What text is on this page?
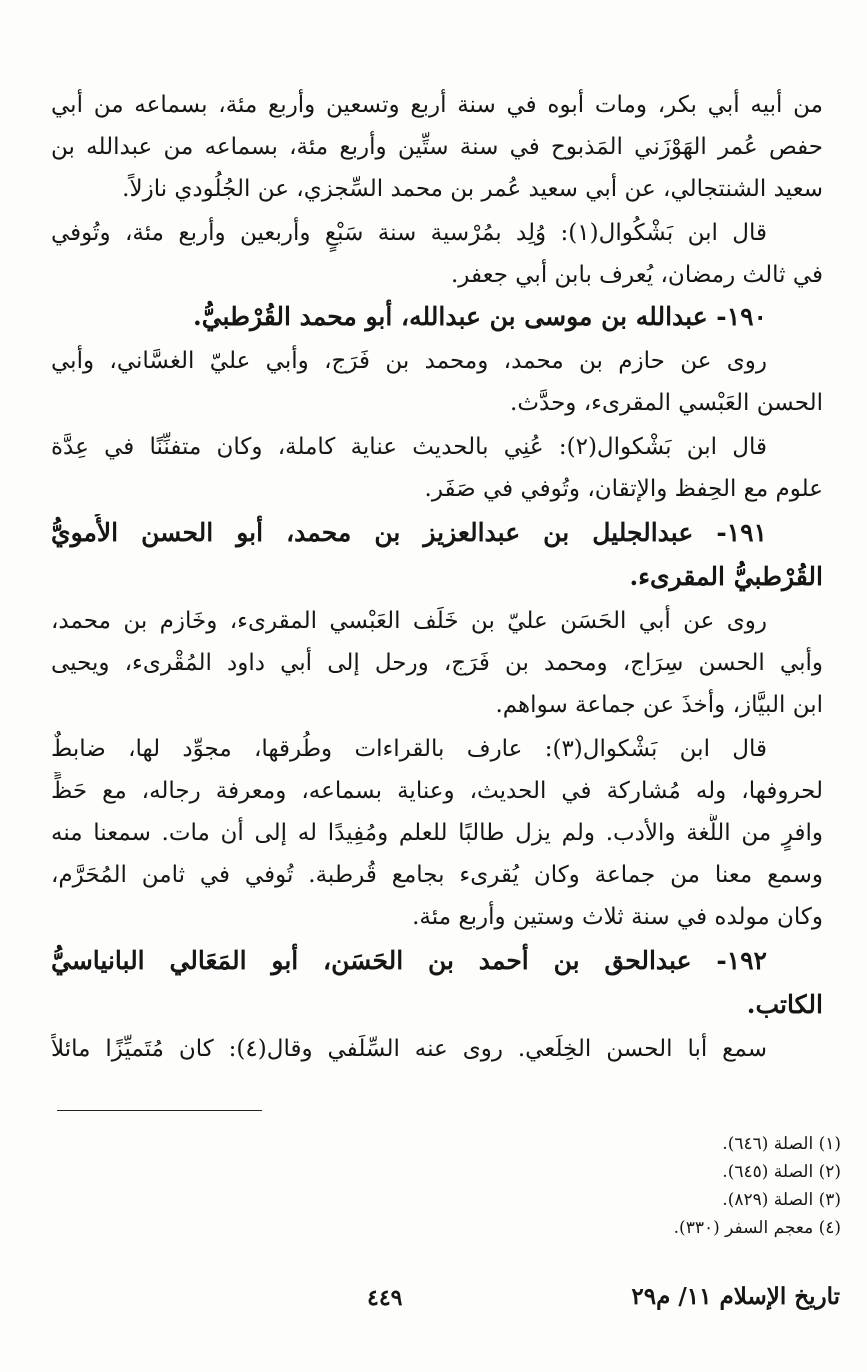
من أبيه أبي بكر، ومات أبوه في سنة أربع وتسعين وأربع مئة، بسماعه من أبي
حفص عُمر الهَوْزَني المَذبوح في سنة ستِّين وأربع مئة، بسماعه من عبدالله بن
سعيد الشنتجالي، عن أبي سعيد عُمر بن محمد السِّجزي، عن الجُلُودي نازلاً.
قال ابن بَشْكُوال(١): وُلِد بمُرْسية سنة سَبْعٍ وأربعين وأربع مئة، وتُوفي
في ثالث رمضان، يُعرف بابن أبي جعفر.
١٩٠- عبدالله بن موسى بن عبدالله، أبو محمد القُرْطبيُّ.
روى عن حازم بن محمد، ومحمد بن فَرَج، وأبي عليّ الغسَّاني، وأبي
الحسن العَبْسي المقرىء، وحدَّث.
قال ابن بَشْكوال(٢): عُنِي بالحديث عناية كاملة، وكان متفنِّنًا في عِدَّة
علوم مع الحِفظ والإتقان، وتُوفي في صَفَر.
١٩١- عبدالجليل بن عبدالعزيز بن محمد، أبو الحسن الأُمويُّ
القُرْطبيُّ المقرىء.
روى عن أبي الحَسَن عليّ بن خَلَف العَبْسي المقرىء، وخَازم بن محمد،
وأبي الحسن سِرَاج، ومحمد بن فَرَج، ورحل إلى أبي داود المُقْرىء، ويحيى
ابن البيَّاز، وأخذَ عن جماعة سواهم.
قال ابن بَشْكوال(٣): عارف بالقراءات وطُرقها، مجوِّد لها، ضابطٌ
لحروفها، وله مُشاركة في الحديث، وعناية بسماعه، ومعرفة رجاله، مع حَظٍّ
وافرٍ من اللُّغة والأدب. ولم يزل طالبًا للعلم ومُفِيدًا له إلى أن مات. سمعنا منه
وسمع معنا من جماعة وكان يُقرىء بجامع قُرطبة. تُوفي في ثامن المُحَرَّم،
وكان مولده في سنة ثلاث وستين وأربع مئة.
١٩٢- عبدالحق بن أحمد بن الحَسَن، أبو المَعَالي البانياسيُّ
الكاتب.
سمع أبا الحسن الخِلَعي. روى عنه السِّلَفي وقال(٤): كان مُتَميِّزًا مائلاً
(١) الصلة (٦٤٦).
(٢) الصلة (٦٤٥).
(٣) الصلة (٨٢٩).
(٤) معجم السفر (٣٣٠).
٤٤٩	تاريخ الإسلام ١١/ م٢٩
